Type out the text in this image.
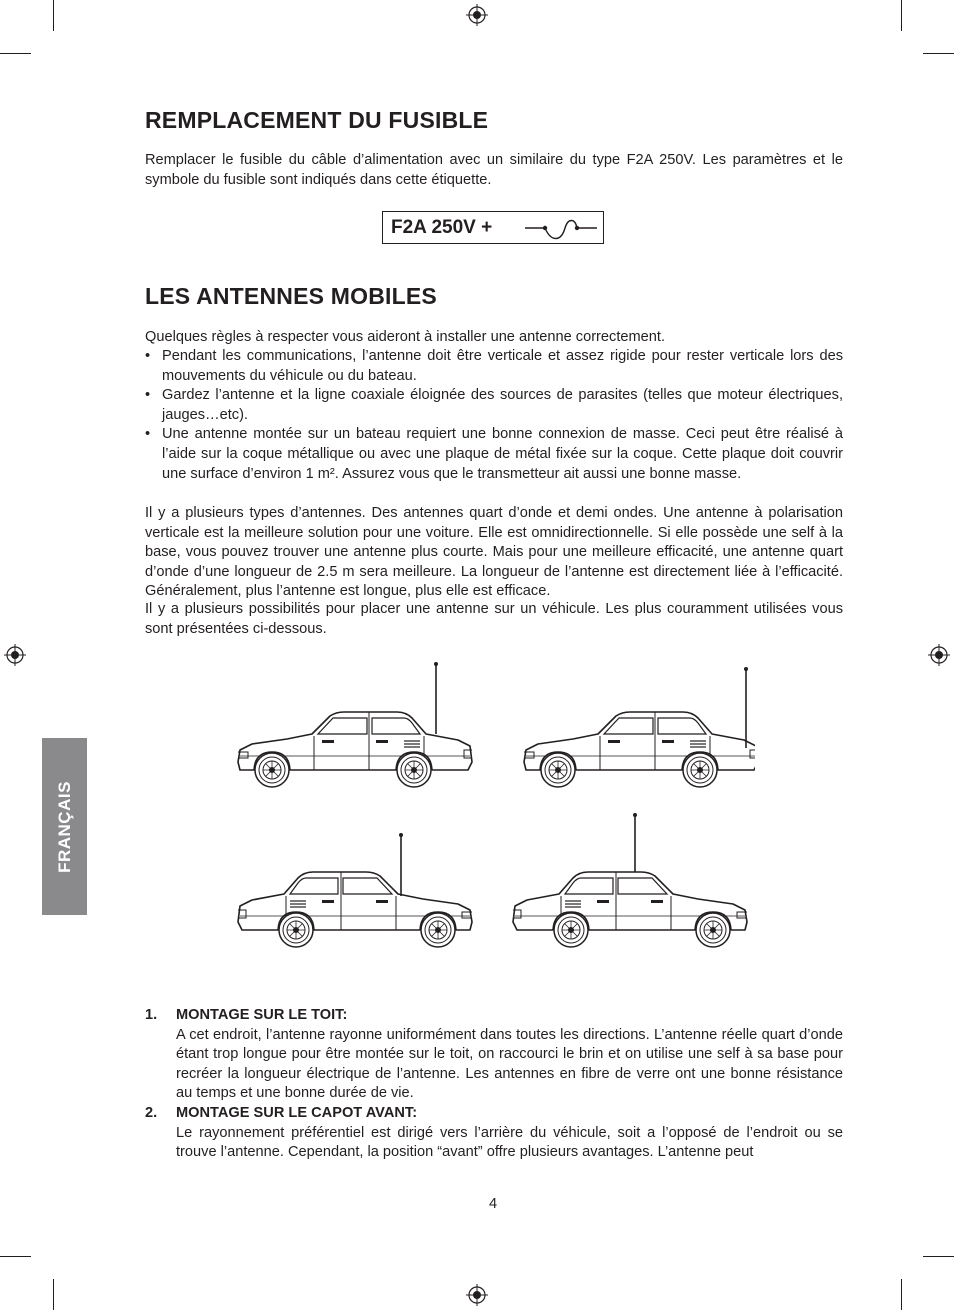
FRANÇAIS
REMPLACEMENT DU FUSIBLE

Remplacer le fusible du câble d’alimentation avec un similaire du type F2A 250V. Les paramètres et le symbole du fusible sont indiqués dans cette étiquette.

F2A 250V +
LES ANTENNES MOBILES

Quelques règles à respecter vous aideront à installer une antenne correctement.

• Pendant les communications, l’antenne doit être verticale et assez rigide pour rester verticale lors des mouvements du véhicule ou du bateau.
• Gardez l’antenne et la ligne coaxiale éloignée des sources de parasites (telles que moteur électriques, jauges…etc).
• Une antenne montée sur un bateau requiert une bonne connexion de masse. Ceci peut être réalisé à l’aide sur la coque métallique ou avec une plaque de métal fixée sur la coque. Cette plaque doit couvrir une surface d’environ 1 m². Assurez vous que le transmetteur ait aussi une bonne masse.

Il y a plusieurs types d’antennes. Des antennes quart d’onde et demi ondes. Une antenne à polarisation verticale est la meilleure solution pour une voiture. Elle est omnidirectionnelle. Si elle possède une self à la base, vous pouvez trouver une antenne plus courte. Mais pour une meilleure efficacité, une antenne quart d’onde d’une longueur de 2.5 m sera meilleure. La longueur de l’antenne est directement liée à l’efficacité. Généralement, plus l’antenne est longue, plus elle est efficace.

Il y a plusieurs possibilités pour placer une antenne sur un véhicule. Les plus couramment utilisées vous sont présentées ci-dessous.

1. MONTAGE SUR LE TOIT:
A cet endroit, l’antenne rayonne uniformément dans toutes les directions. L’antenne réelle quart d’onde étant trop longue pour être montée sur le toit, on raccourci le brin et on utilise une self à sa base pour recréer la longueur électrique de l’antenne. Les antennes en fibre de verre ont une bonne résistance au temps et une bonne durée de vie.
2. MONTAGE SUR LE CAPOT AVANT:
Le rayonnement préférentiel est dirigé vers l’arrière du véhicule, soit a l’opposé de l’endroit ou se trouve l’antenne. Cependant, la position “avant” offre plusieurs avantages. L’antenne peut
4
